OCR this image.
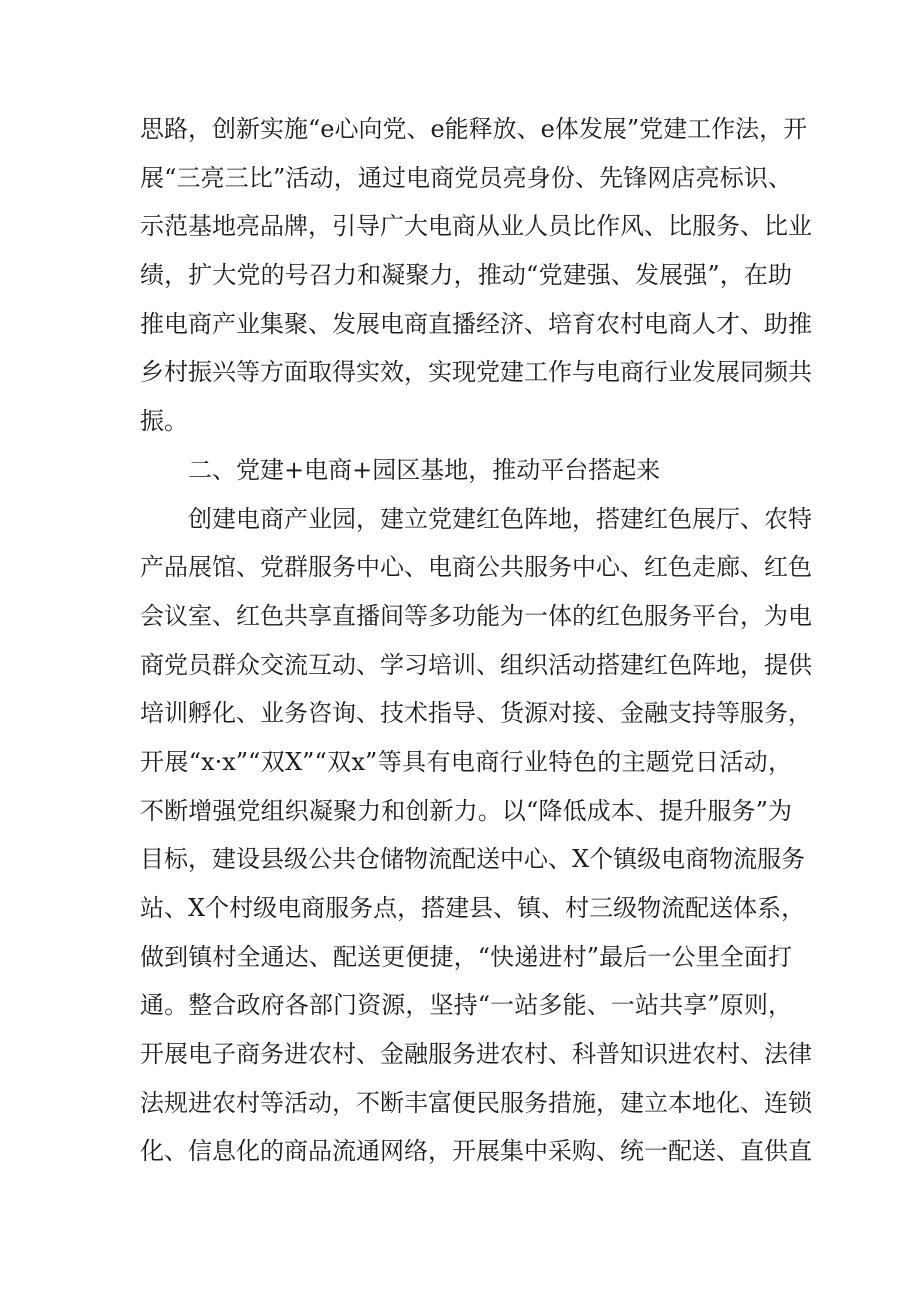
思路，创新实施“e心向党、e能释放、e体发展”党建工作法，开
展“三亮三比”活动，通过电商党员亮身份、先锋网店亮标识、
示范基地亮品牌，引导广大电商从业人员比作风、比服务、比业
绩，扩大党的号召力和凝聚力，推动“党建强、发展强”，在助
推电商产业集聚、发展电商直播经济、培育农村电商人才、助推
乡村振兴等方面取得实效，实现党建工作与电商行业发展同频共
振。
二、党建+电商+园区基地，推动平台搭起来
创建电商产业园，建立党建红色阵地，搭建红色展厅、农特
产品展馆、党群服务中心、电商公共服务中心、红色走廊、红色
会议室、红色共享直播间等多功能为一体的红色服务平台，为电
商党员群众交流互动、学习培训、组织活动搭建红色阵地，提供
培训孵化、业务咨询、技术指导、货源对接、金融支持等服务，
开展“x·x”“双X”“双x”等具有电商行业特色的主题党日活动，
不断增强党组织凝聚力和创新力。以“降低成本、提升服务”为
目标，建设县级公共仓储物流配送中心、X个镇级电商物流服务
站、X个村级电商服务点，搭建县、镇、村三级物流配送体系，
做到镇村全通达、配送更便捷，“快递进村”最后一公里全面打
通。整合政府各部门资源，坚持“一站多能、一站共享”原则，
开展电子商务进农村、金融服务进农村、科普知识进农村、法律
法规进农村等活动，不断丰富便民服务措施，建立本地化、连锁
化、信息化的商品流通网络，开展集中采购、统一配送、直供直
